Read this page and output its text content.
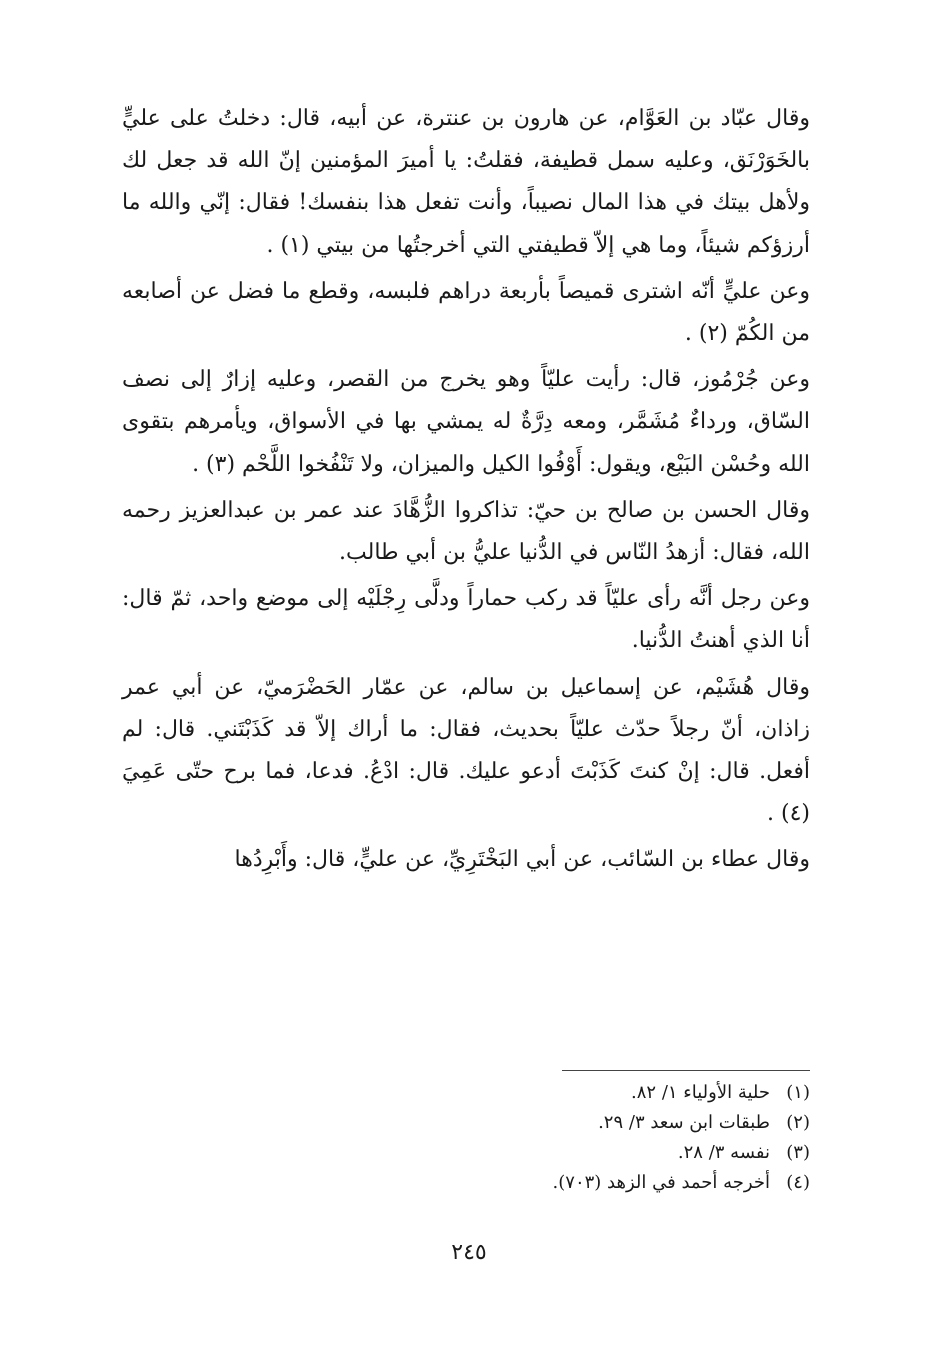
وقال عبّاد بن العَوَّام، عن هارون بن عنترة، عن أبيه، قال: دخلتُ على عليٍّ بالخَوَرْنَق، وعليه سمل قطيفة، فقلتُ: يا أميرَ المؤمنين إنّ الله قد جعل لك ولأهل بيتك في هذا المال نصيباً، وأنت تفعل هذا بنفسك! فقال: إنّي والله ما أرزؤكم شيئاً، وما هي إلاّ قطيفتي التي أخرجتُها من بيتي (١) .

وعن عليٍّ أنّه اشترى قميصاً بأربعة دراهم فلبسه، وقطع ما فضل عن أصابعه من الكُمّ (٢) .

وعن جُرْمُوز، قال: رأيت عليّاً وهو يخرج من القصر، وعليه إزارٌ إلى نصف السّاق، ورداءٌ مُشَمَّر، ومعه دِرَّةٌ له يمشي بها في الأسواق، ويأمرهم بتقوى الله وحُسْن البَيْع، ويقول: أَوْفُوا الكيل والميزان، ولا تَنْفُخوا اللَّحْم (٣) .

وقال الحسن بن صالح بن حيّ: تذاكروا الزُّهَّادَ عند عمر بن عبدالعزيز رحمه الله، فقال: أزهدُ النّاس في الدُّنيا عليُّ بن أبي طالب.

وعن رجل أنَّه رأى عليّاً قد ركب حماراً ودلَّى رِجْلَيْه إلى موضع واحد، ثمّ قال: أنا الذي أهنتُ الدُّنيا.

وقال هُشَيْم، عن إسماعيل بن سالم، عن عمّار الحَضْرَميّ، عن أبي عمر زاذان، أنّ رجلاً حدّث عليّاً بحديث، فقال: ما أراك إلاّ قد كَذَبْتَني. قال: لم أفعل. قال: إنْ كنتَ كَذَبْتَ أدعو عليك. قال: ادْعُ. فدعا، فما برح حتّى عَمِيَ (٤) .

وقال عطاء بن السّائب، عن أبي البَخْتَرِيِّ، عن عليٍّ، قال: وأَبْرِدُها

(١)
حلية الأولياء ١/ ٨٢.
(٢)
طبقات ابن سعد ٣/ ٢٩.
(٣)
نفسه ٣/ ٢٨.
(٤)
أخرجه أحمد في الزهد (٧٠٣).
٢٤٥
